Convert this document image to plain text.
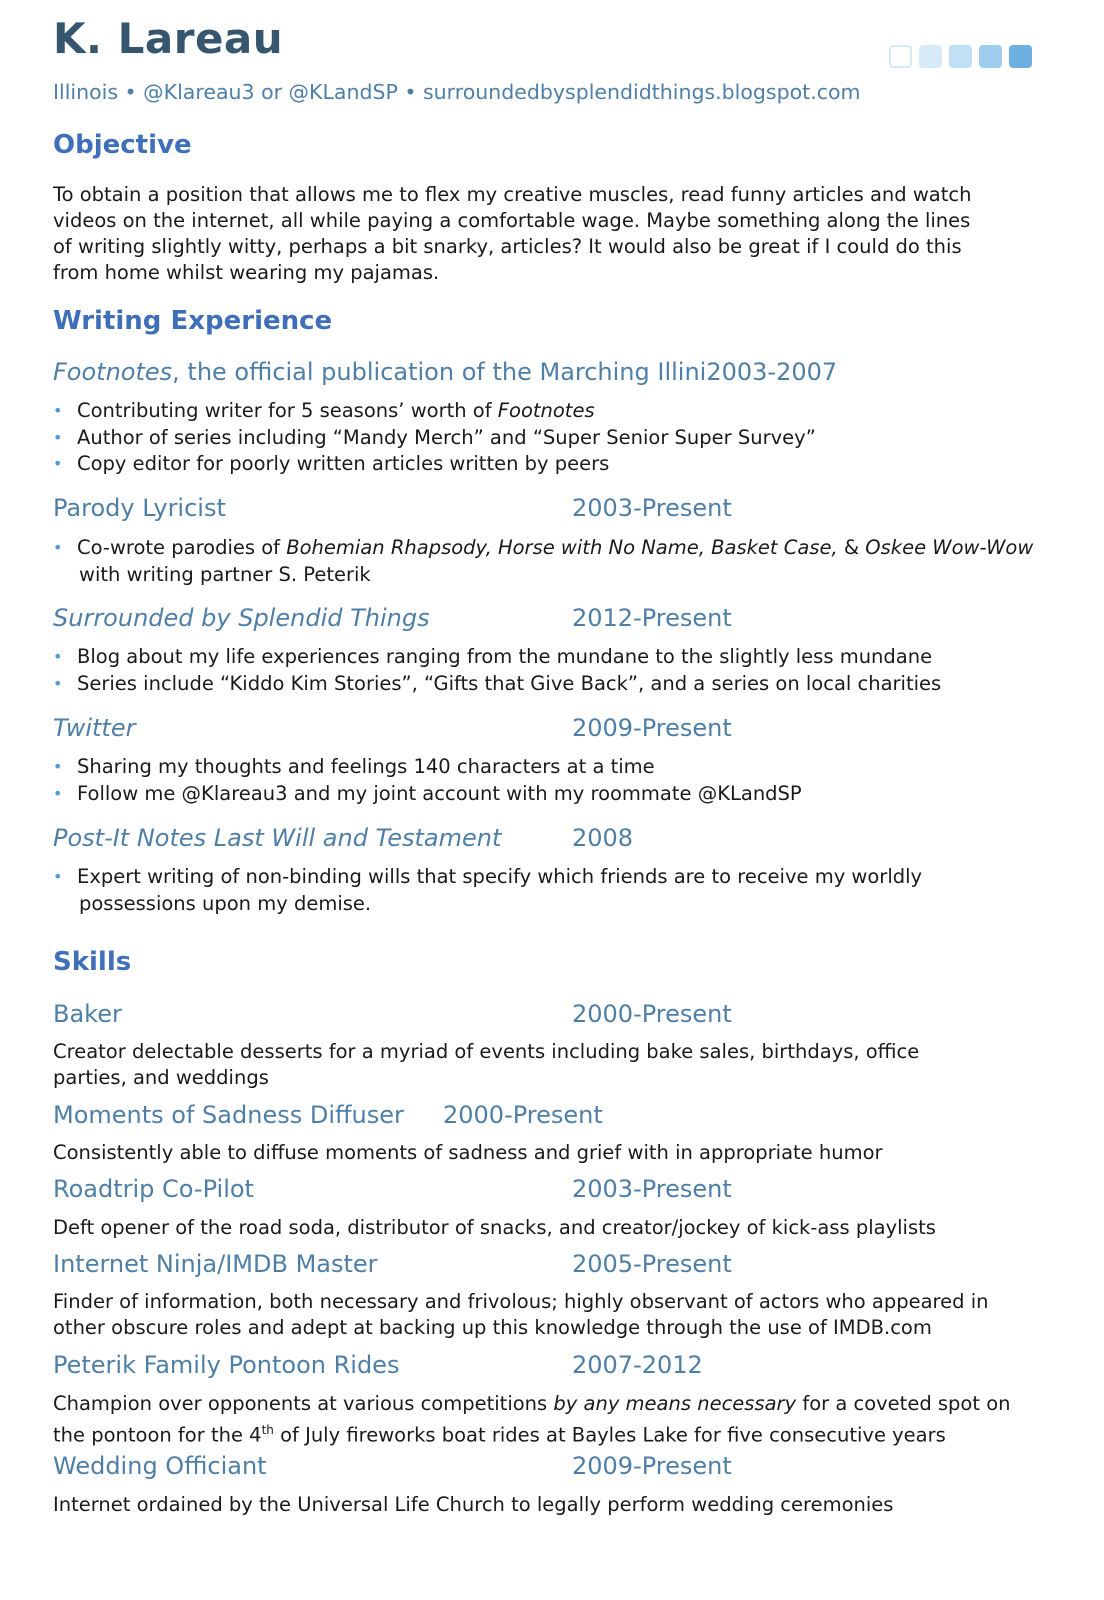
K. Lareau
Illinois • @Klareau3 or @KLandSP • surroundedbysplendidthings.blogspot.com
Objective
To obtain a position that allows me to flex my creative muscles, read funny articles and watch
videos on the internet, all while paying a comfortable wage. Maybe something along the lines
of writing slightly witty, perhaps a bit snarky, articles? It would also be great if I could do this
from home whilst wearing my pajamas.
Writing Experience
Footnotes, the official publication of the Marching Illini2003-2007
• Contributing writer for 5 seasons’ worth of Footnotes
• Author of series including “Mandy Merch” and “Super Senior Super Survey”
• Copy editor for poorly written articles written by peers
Parody Lyricist	2003-Present
• Co-wrote parodies of Bohemian Rhapsody, Horse with No Name, Basket Case, & Oskee Wow-Wow
with writing partner S. Peterik
Surrounded by Splendid Things	2012-Present
• Blog about my life experiences ranging from the mundane to the slightly less mundane
• Series include “Kiddo Kim Stories”, “Gifts that Give Back”, and a series on local charities
Twitter	2009-Present
• Sharing my thoughts and feelings 140 characters at a time
• Follow me @Klareau3 and my joint account with my roommate @KLandSP
Post-It Notes Last Will and Testament	2008
• Expert writing of non-binding wills that specify which friends are to receive my worldly
possessions upon my demise.
Skills
Baker	2000-Present
Creator delectable desserts for a myriad of events including bake sales, birthdays, office
parties, and weddings
Moments of Sadness Diffuser 2000-Present
Consistently able to diffuse moments of sadness and grief with in appropriate humor
Roadtrip Co-Pilot	2003-Present
Deft opener of the road soda, distributor of snacks, and creator/jockey of kick-ass playlists
Internet Ninja/IMDB Master	2005-Present
Finder of information, both necessary and frivolous; highly observant of actors who appeared in
other obscure roles and adept at backing up this knowledge through the use of IMDB.com
Peterik Family Pontoon Rides	2007-2012
Champion over opponents at various competitions by any means necessary for a coveted spot on
the pontoon for the 4th of July fireworks boat rides at Bayles Lake for five consecutive years
Wedding Officiant	2009-Present
Internet ordained by the Universal Life Church to legally perform wedding ceremonies
